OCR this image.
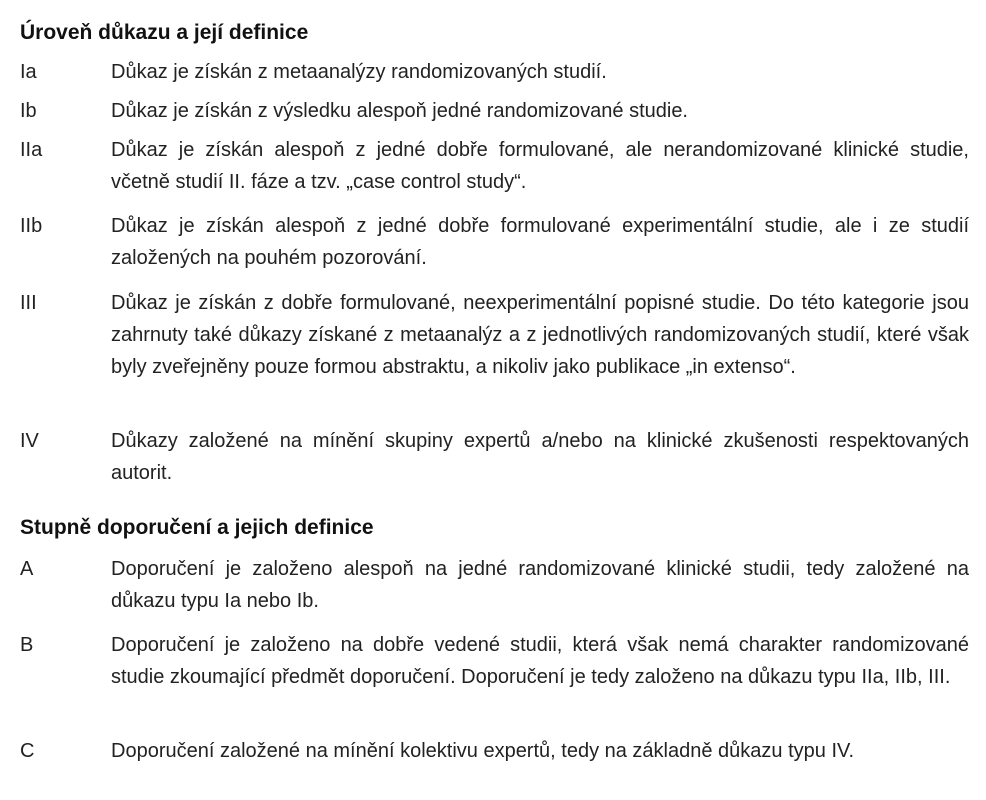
Úroveň důkazu a její definice
Ia	Důkaz je získán z metaanalýzy randomizovaných studií.
Ib	Důkaz je získán z výsledku alespoň jedné randomizované studie.
IIa	Důkaz je získán alespoň z jedné dobře formulované, ale nerandomizované klinické studie, včetně studií II. fáze a tzv. „case control study“.
IIb	Důkaz je získán alespoň z jedné dobře formulované experimentální studie, ale i ze studií založených na pouhém pozorování.
III	Důkaz je získán z dobře formulované, neexperimentální popisné studie. Do této kategorie jsou zahrnuty také důkazy získané z metaanalýz a z jednotlivých randomizovaných studií, které však byly zveřejněny pouze formou abstraktu, a nikoliv jako publikace „in extenso“.
IV	Důkazy založené na mínění skupiny expertů a/nebo na klinické zkušenosti respektovaných autorit.
Stupně doporučení a jejich definice
A	Doporučení je založeno alespoň na jedné randomizované klinické studii, tedy založené na důkazu typu Ia nebo Ib.
B	Doporučení je založeno na dobře vedené studii, která však nemá charakter randomizované studie zkoumající předmět doporučení. Doporučení je tedy založeno na důkazu typu IIa, IIb, III.
C	Doporučení založené na mínění kolektivu expertů, tedy na základně důkazu typu IV.
